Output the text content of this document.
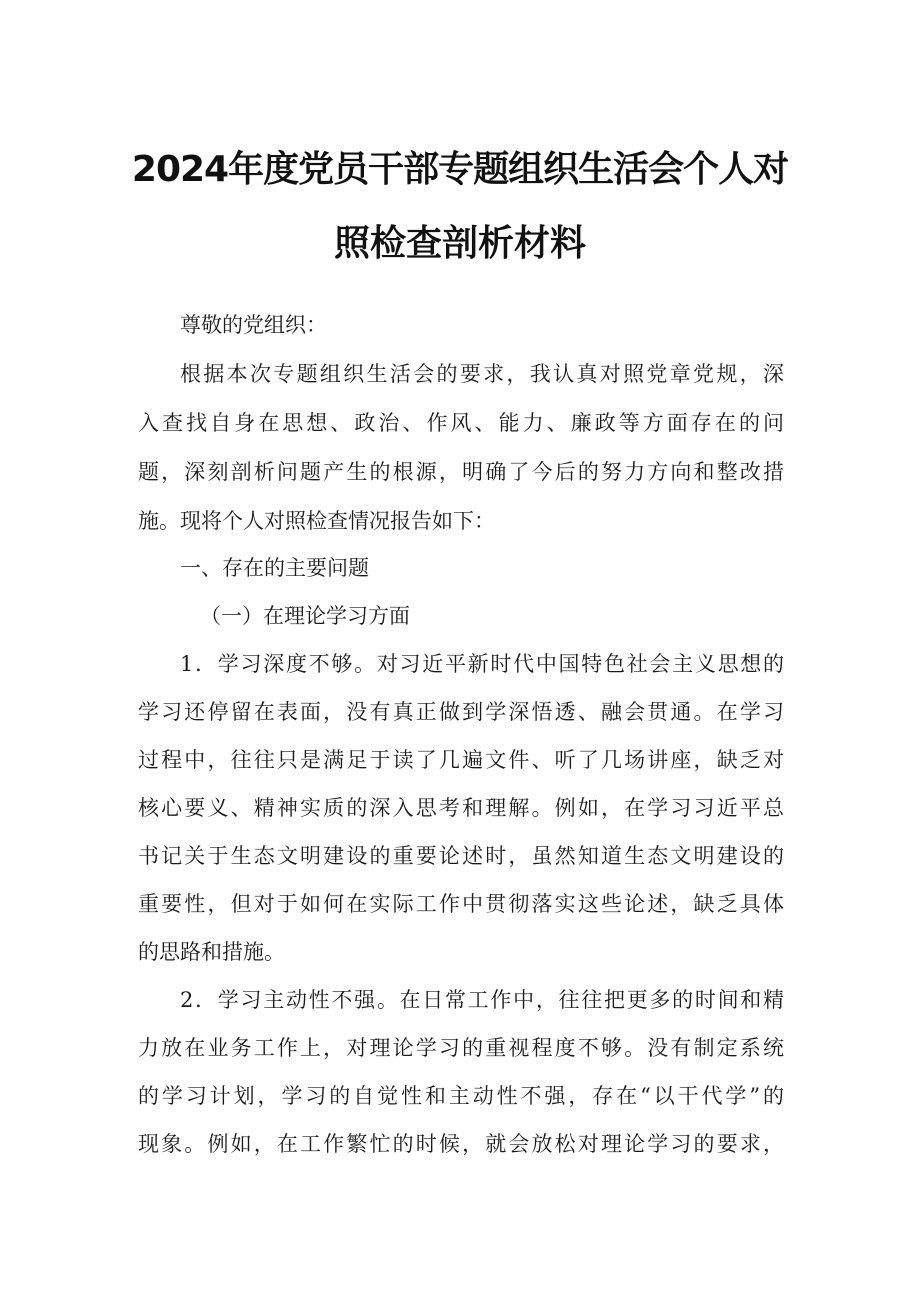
2024年度党员干部专题组织生活会个人对
照检查剖析材料
尊敬的党组织：
根据本次专题组织生活会的要求，我认真对照党章党规，深
入查找自身在思想、政治、作风、能力、廉政等方面存在的问
题，深刻剖析问题产生的根源，明确了今后的努力方向和整改措
施。现将个人对照检查情况报告如下：
一、存在的主要问题
（一）在理论学习方面
1．学习深度不够。对习近平新时代中国特色社会主义思想的
学习还停留在表面，没有真正做到学深悟透、融会贯通。在学习
过程中，往往只是满足于读了几遍文件、听了几场讲座，缺乏对
核心要义、精神实质的深入思考和理解。例如，在学习习近平总
书记关于生态文明建设的重要论述时，虽然知道生态文明建设的
重要性，但对于如何在实际工作中贯彻落实这些论述，缺乏具体
的思路和措施。
2．学习主动性不强。在日常工作中，往往把更多的时间和精
力放在业务工作上，对理论学习的重视程度不够。没有制定系统
的学习计划，学习的自觉性和主动性不强，存在“以干代学”的
现象。例如，在工作繁忙的时候，就会放松对理论学习的要求，
